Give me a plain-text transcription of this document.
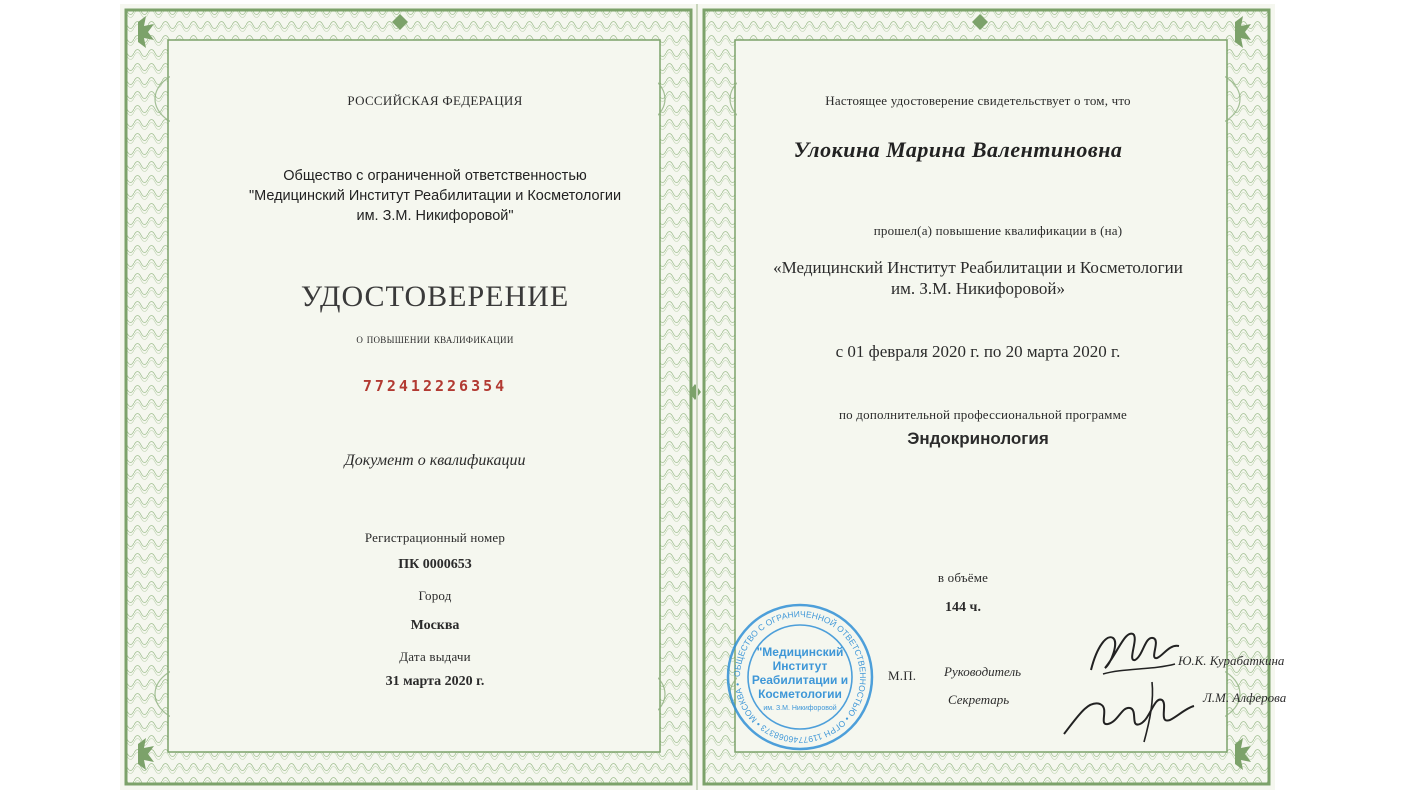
РОССИЙСКАЯ ФЕДЕРАЦИЯ
Общество с ограниченной ответственностью
"Медицинский Институт Реабилитации и Косметологии
им. З.М. Никифоровой"
УДОСТОВЕРЕНИЕ
о повышении квалификации
772412226354
Документ о квалификации
Регистрационный номер
ПК 0000653
Город
Москва
Дата выдачи
31 марта 2020 г.
Настоящее удостоверение свидетельствует о том, что
Улокина Марина Валентиновна
прошел(а) повышение квалификации в (на)
«Медицинский Институт Реабилитации и Косметологии
им. З.М. Никифоровой»
с 01 февраля 2020 г. по 20 марта 2020 г.
по дополнительной профессиональной программе
Эндокринология
в объёме
144 ч.
М.П. Руководитель
Секретарь
Ю.К. Курабаткина
Л.М. Алферова
ОБЩЕСТВО С ОГРАНИЧЕННОЙ ОТВЕТСТВЕННОСТЬЮ • ОГРН 1197746068373 • МОСКВА •
"Медицинский
Институт
Реабилитации и
Косметологии
им. З.М. Никифоровой
